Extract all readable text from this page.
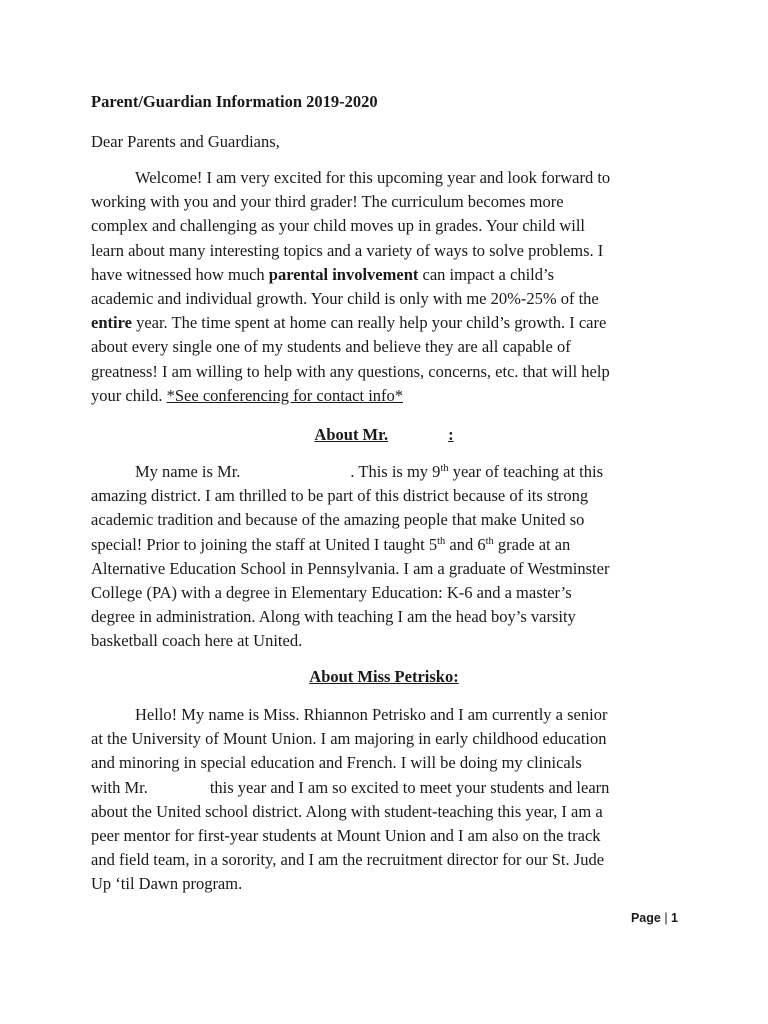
Parent/Guardian Information 2019-2020
Dear Parents and Guardians,
Welcome! I am very excited for this upcoming year and look forward to
working with you and your third grader! The curriculum becomes more
complex and challenging as your child moves up in grades. Your child will
learn about many interesting topics and a variety of ways to solve problems. I
have witnessed how much parental involvement can impact a child’s
academic and individual growth. Your child is only with me 20%-25% of the
entire year. The time spent at home can really help your child’s growth. I care
about every single one of my students and believe they are all capable of
greatness! I am willing to help with any questions, concerns, etc. that will help
your child. *See conferencing for contact info*
About Mr.	:
My name is Mr.	. This is my 9th year of teaching at this
amazing district. I am thrilled to be part of this district because of its strong
academic tradition and because of the amazing people that make United so
special! Prior to joining the staff at United I taught 5th and 6th grade at an
Alternative Education School in Pennsylvania. I am a graduate of Westminster
College (PA) with a degree in Elementary Education: K-6 and a master’s
degree in administration. Along with teaching I am the head boy’s varsity
basketball coach here at United.
About Miss Petrisko:
Hello! My name is Miss. Rhiannon Petrisko and I am currently a senior
at the University of Mount Union. I am majoring in early childhood education
and minoring in special education and French. I will be doing my clinicals
with Mr.	this year and I am so excited to meet your students and learn
about the United school district. Along with student-teaching this year, I am a
peer mentor for first-year students at Mount Union and I am also on the track
and field team, in a sorority, and I am the recruitment director for our St. Jude
Up ‘til Dawn program.
Page | 1
